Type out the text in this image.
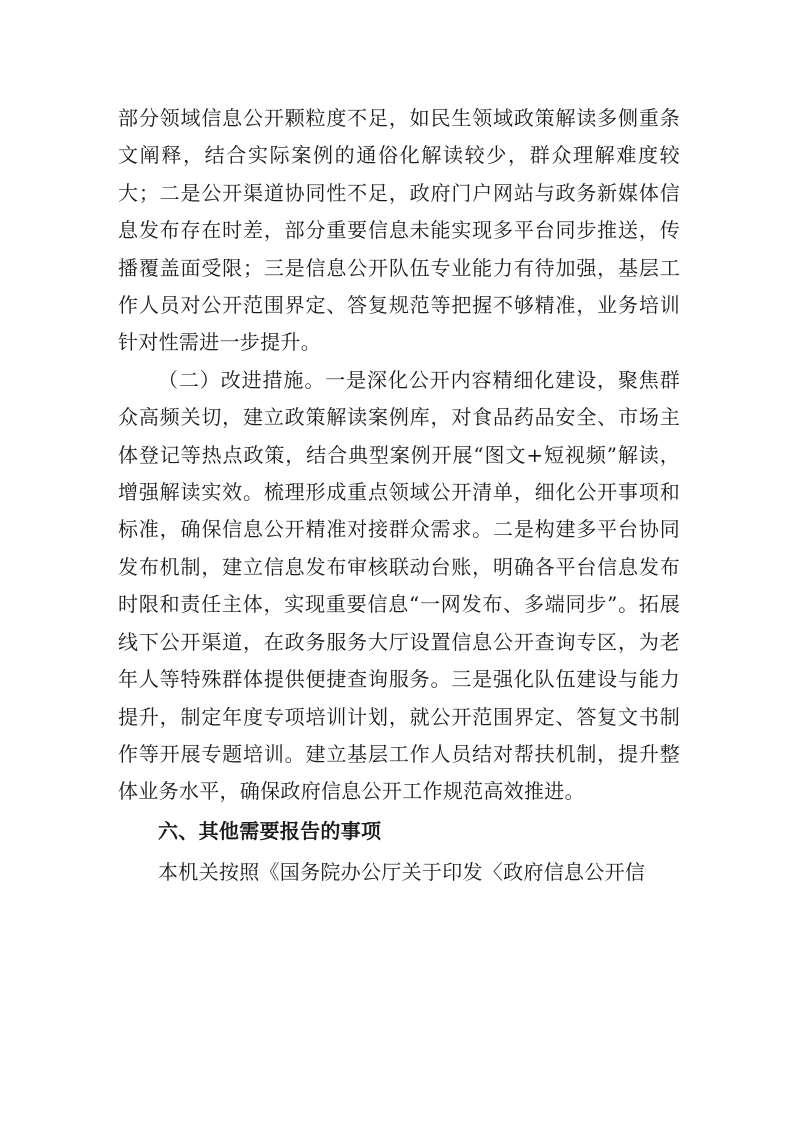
部分领域信息公开颗粒度不足，如民生领域政策解读多侧重条文阐释，结合实际案例的通俗化解读较少，群众理解难度较大；二是公开渠道协同性不足，政府门户网站与政务新媒体信息发布存在时差，部分重要信息未能实现多平台同步推送，传播覆盖面受限；三是信息公开队伍专业能力有待加强，基层工作人员对公开范围界定、答复规范等把握不够精准，业务培训针对性需进一步提升。

（二）改进措施。一是深化公开内容精细化建设，聚焦群众高频关切，建立政策解读案例库，对食品药品安全、市场主体登记等热点政策，结合典型案例开展“图文+短视频”解读，增强解读实效。梳理形成重点领域公开清单，细化公开事项和标准，确保信息公开精准对接群众需求。二是构建多平台协同发布机制，建立信息发布审核联动台账，明确各平台信息发布时限和责任主体，实现重要信息“一网发布、多端同步”。拓展线下公开渠道，在政务服务大厅设置信息公开查询专区，为老年人等特殊群体提供便捷查询服务。三是强化队伍建设与能力提升，制定年度专项培训计划，就公开范围界定、答复文书制作等开展专题培训。建立基层工作人员结对帮扶机制，提升整体业务水平，确保政府信息公开工作规范高效推进。

六、其他需要报告的事项

本机关按照《国务院办公厅关于印发〈政府信息公开信
